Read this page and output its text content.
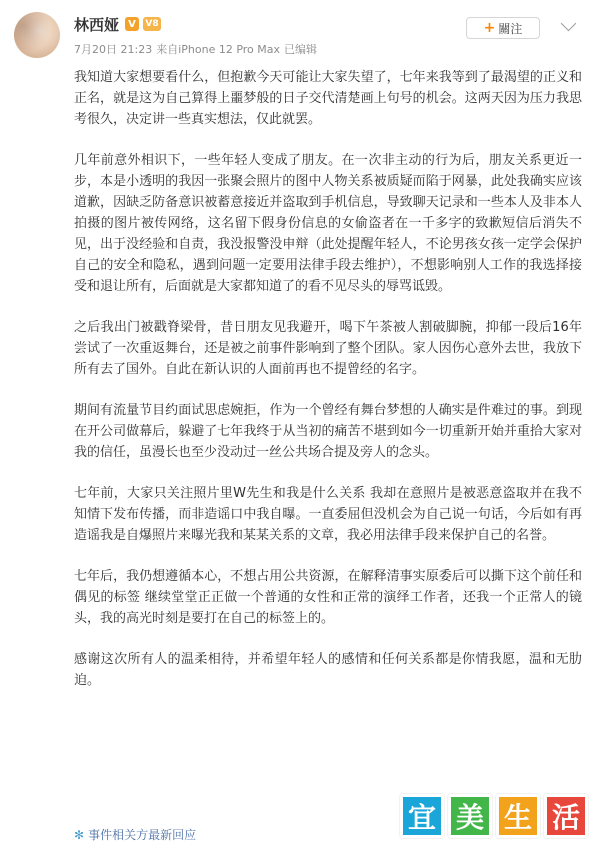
林西娅 V	V8
7月20日 21:23 来自iPhone 12 Pro Max 已编辑
+ 關注

我知道大家想要看什么，但抱歉今天可能让大家失望了，七年来我等到了最渴望的正义和正名，就是这为自己算得上噩梦般的日子交代清楚画上句号的机会。这两天因为压力我思考很久，决定讲一些真实想法，仅此就罢。

几年前意外相识下，一些年轻人变成了朋友。在一次非主动的行为后，朋友关系更近一步，本是小透明的我因一张聚会照片的图中人物关系被质疑而陷于网暴，此处我确实应该道歉，因缺乏防备意识被蓄意接近并盗取到手机信息，导致聊天记录和一些本人及非本人拍摄的图片被传网络，这名留下假身份信息的女偷盗者在一千多字的致歉短信后消失不见，出于没经验和自责，我没报警没申辩（此处提醒年轻人，不论男孩女孩一定学会保护自己的安全和隐私，遇到问题一定要用法律手段去维护），不想影响别人工作的我选择接受和退让所有，后面就是大家都知道了的看不见尽头的辱骂诋毁。

之后我出门被戳脊梁骨，昔日朋友见我避开，喝下午茶被人割破脚腕，抑郁一段后16年尝试了一次重返舞台，还是被之前事件影响到了整个团队。家人因伤心意外去世，我放下所有去了国外。自此在新认识的人面前再也不提曾经的名字。

期间有流量节目约面试思虑婉拒，作为一个曾经有舞台梦想的人确实是件难过的事。到现在开公司做幕后，躲避了七年我终于从当初的痛苦不堪到如今一切重新开始并重拾大家对我的信任，虽漫长也至少没动过一丝公共场合提及旁人的念头。

七年前，大家只关注照片里W先生和我是什么关系 我却在意照片是被恶意盗取并在我不知情下发布传播，而非造谣口中我自曝。一直委屈但没机会为自己说一句话，今后如有再造谣我是自爆照片来曝光我和某某关系的文章，我必用法律手段来保护自己的名誉。

七年后，我仍想遵循本心，不想占用公共资源，在解释清事实原委后可以撕下这个前任和偶见的标签 继续堂堂正正做一个普通的女性和正常的演绎工作者，还我一个正常人的镜头，我的高光时刻是要打在自己的标签上的。

感谢这次所有人的温柔相待，并希望年轻人的感情和任何关系都是你情我愿，温和无肋迫。

✻ 事件相关方最新回应
宜 美 生 活
